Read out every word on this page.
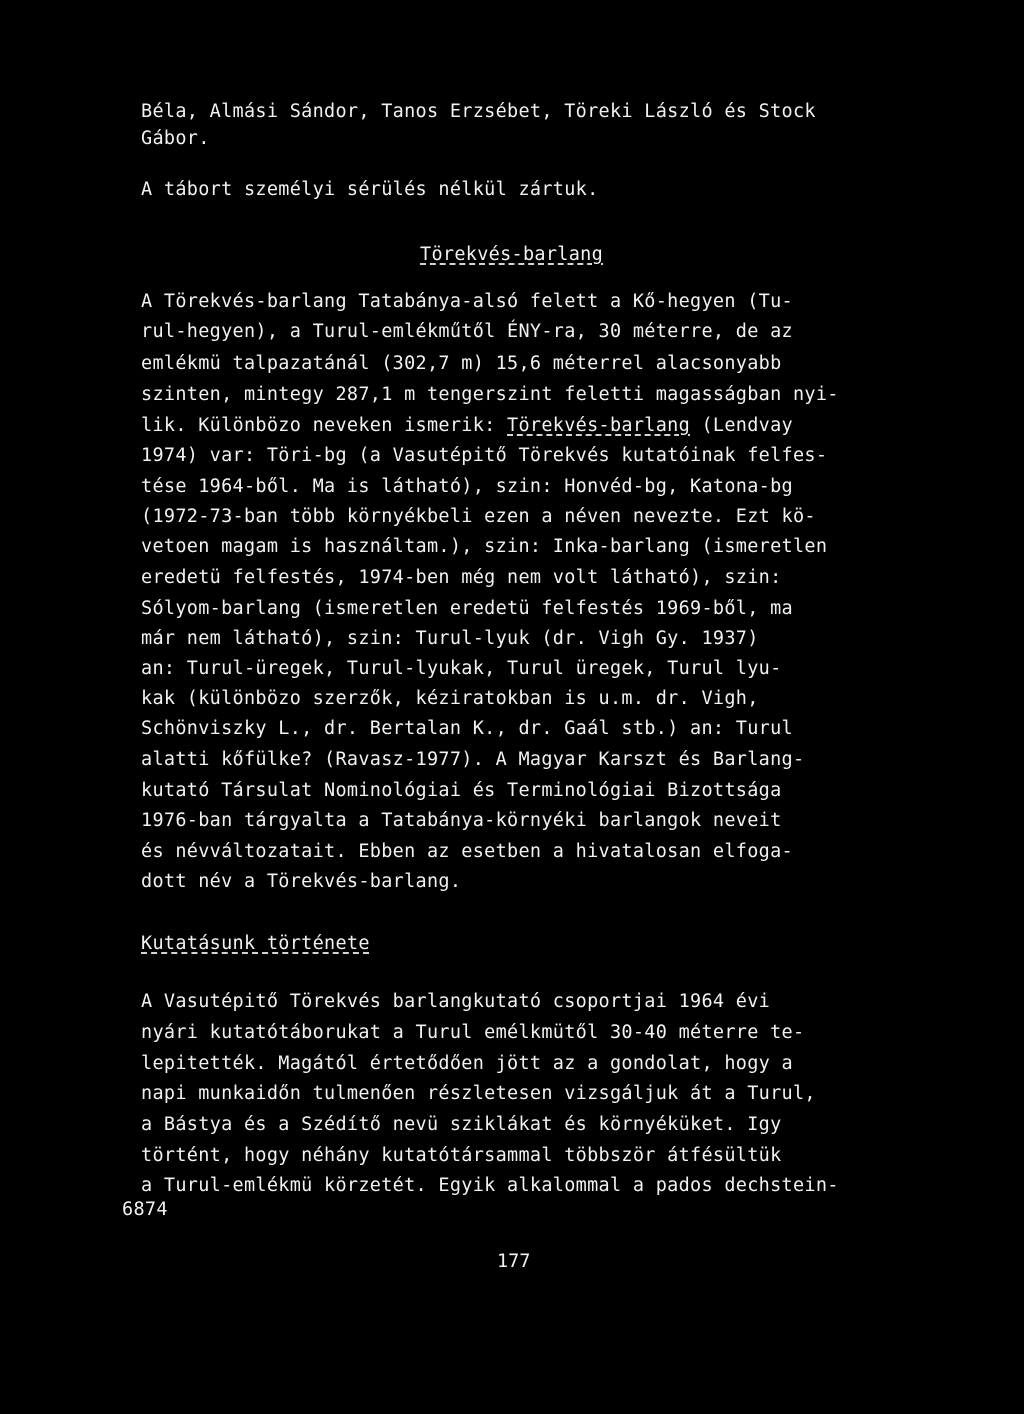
Béla, Almási Sándor, Tanos Erzsébet, Töreki László és Stock
Gábor.
A tábort személyi sérülés nélkül zártuk.
Törekvés-barlang
A Törekvés-barlang Tatabánya-alsó felett a Kő-hegyen (Tu-
rul-hegyen), a Turul-emlékműtől ÉNY-ra, 30 méterre, de az
emlékmü talpazatánál (302,7 m) 15,6 méterrel alacsonyabb
szinten, mintegy 287,1 m tengerszint feletti magasságban nyi-
lik. Különbözo neveken ismerik: Törekvés-barlang (Lendvay
1974) var: Töri-bg (a Vasutépitő Törekvés kutatóinak felfes-
tése 1964-ből. Ma is látható), szin: Honvéd-bg, Katona-bg
(1972-73-ban több környékbeli ezen a néven nevezte. Ezt kö-
vetoen magam is használtam.), szin: Inka-barlang (ismeretlen
eredetü felfestés, 1974-ben még nem volt látható), szin:
Sólyom-barlang (ismeretlen eredetü felfestés 1969-ből, ma
már nem látható), szin: Turul-lyuk (dr. Vigh Gy. 1937)
an: Turul-üregek, Turul-lyukak, Turul üregek, Turul lyu-
kak (különbözo szerzők, kéziratokban is u.m. dr. Vigh,
Schönviszky L., dr. Bertalan K., dr. Gaál stb.) an: Turul
alatti kőfülke? (Ravasz-1977). A Magyar Karszt és Barlang-
kutató Társulat Nominológiai és Terminológiai Bizottsága
1976-ban tárgyalta a Tatabánya-környéki barlangok neveit
és névváltozatait. Ebben az esetben a hivatalosan elfoga-
dott név a Törekvés-barlang.
Kutatásunk története
A Vasutépitő Törekvés barlangkutató csoportjai 1964 évi
nyári kutatótáborukat a Turul emélkmütől 30-40 méterre te-
lepitették. Magától értetődően jött az a gondolat, hogy a
napi munkaidőn tulmenően részletesen vizsgáljuk át a Turul,
a Bástya és a Szédítő nevü sziklákat és környéküket. Igy
történt, hogy néhány kutatótársammal többször átfésültük
a Turul-emlékmü körzetét. Egyik alkalommal a pados dechstein-
6874
177
